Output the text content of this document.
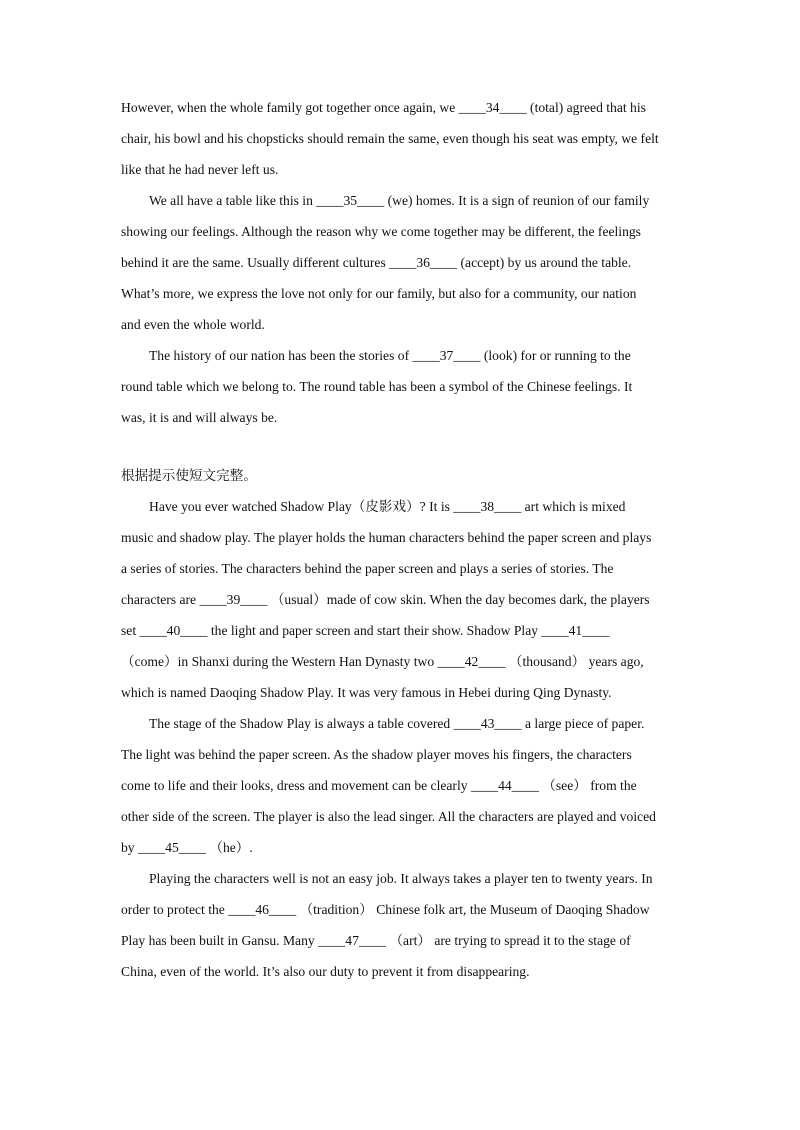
However, when the whole family got together once again, we ____34____ (total) agreed that his
chair, his bowl and his chopsticks should remain the same, even though his seat was empty, we felt
like that he had never left us.
We all have a table like this in ____35____ (we) homes. It is a sign of reunion of our family
showing our feelings. Although the reason why we come together may be different, the feelings
behind it are the same. Usually different cultures ____36____ (accept) by us around the table.
What’s more, we express the love not only for our family, but also for a community, our nation
and even the whole world.
The history of our nation has been the stories of ____37____ (look) for or running to the
round table which we belong to. The round table has been a symbol of the Chinese feelings. It
was, it is and will always be.
根据提示使短文完整。
Have you ever watched Shadow Play（皮影戏）? It is ____38____ art which is mixed
music and shadow play. The player holds the human characters behind the paper screen and plays
a series of stories. The characters behind the paper screen and plays a series of stories. The
characters are ____39____ （usual）made of cow skin. When the day becomes dark, the players
set ____40____ the light and paper screen and start their show. Shadow Play ____41____
（come）in Shanxi during the Western Han Dynasty two ____42____ （thousand） years ago,
which is named Daoqing Shadow Play. It was very famous in Hebei during Qing Dynasty.
The stage of the Shadow Play is always a table covered ____43____ a large piece of paper.
The light was behind the paper screen. As the shadow player moves his fingers, the characters
come to life and their looks, dress and movement can be clearly ____44____ （see） from the
other side of the screen. The player is also the lead singer. All the characters are played and voiced
by ____45____ （he）.
Playing the characters well is not an easy job. It always takes a player ten to twenty years. In
order to protect the ____46____ （tradition） Chinese folk art, the Museum of Daoqing Shadow
Play has been built in Gansu. Many ____47____ （art） are trying to spread it to the stage of
China, even of the world. It’s also our duty to prevent it from disappearing.
